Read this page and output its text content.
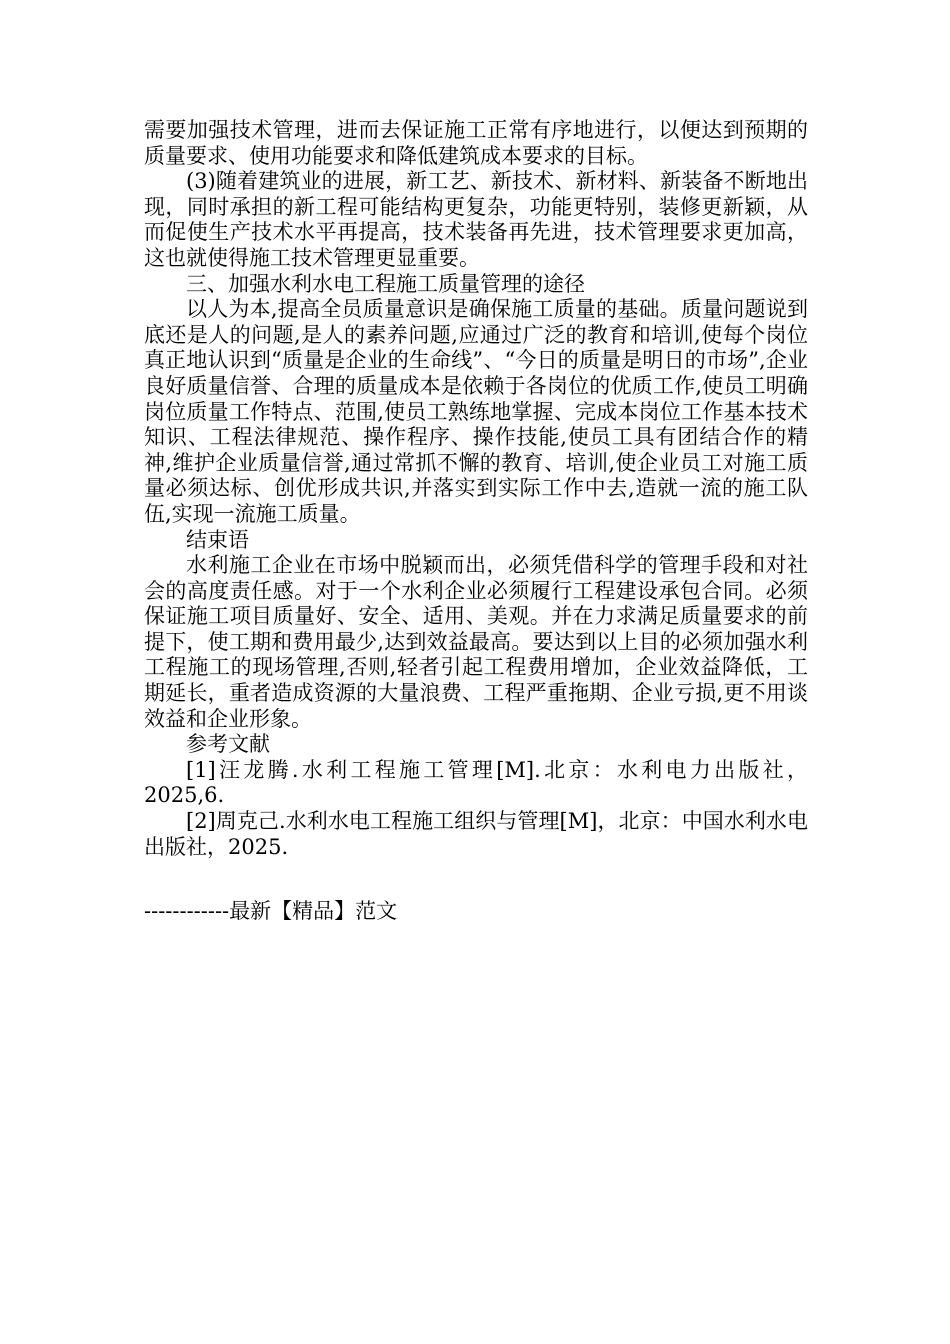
需要加强技术管理，进而去保证施工正常有序地进行，以便达到预期的质量要求、使用功能要求和降低建筑成本要求的目标。

(3)随着建筑业的进展，新工艺、新技术、新材料、新装备不断地出现，同时承担的新工程可能结构更复杂，功能更特别，装修更新颖，从而促使生产技术水平再提高，技术装备再先进，技术管理要求更加高，这也就使得施工技术管理更显重要。

三、加强水利水电工程施工质量管理的途径

以人为本,提高全员质量意识是确保施工质量的基础。质量问题说到底还是人的问题,是人的素养问题,应通过广泛的教育和培训,使每个岗位真正地认识到“质量是企业的生命线”、“今日的质量是明日的市场”,企业良好质量信誉、合理的质量成本是依赖于各岗位的优质工作,使员工明确岗位质量工作特点、范围,使员工熟练地掌握、完成本岗位工作基本技术知识、工程法律规范、操作程序、操作技能,使员工具有团结合作的精神,维护企业质量信誉,通过常抓不懈的教育、培训,使企业员工对施工质量必须达标、创优形成共识,并落实到实际工作中去,造就一流的施工队伍,实现一流施工质量。

结束语

水利施工企业在市场中脱颖而出，必须凭借科学的管理手段和对社会的高度责任感。对于一个水利企业必须履行工程建设承包合同。必须保证施工项目质量好、安全、适用、美观。并在力求满足质量要求的前提下，使工期和费用最少,达到效益最高。要达到以上目的必须加强水利工程施工的现场管理,否则,轻者引起工程费用增加，企业效益降低，工期延长，重者造成资源的大量浪费、工程严重拖期、企业亏损,更不用谈效益和企业形象。

参考文献

[1]汪龙腾.水利工程施工管理[M].北京：水利电力出版社，2025,6.

[2]周克己.水利水电工程施工组织与管理[M]，北京：中国水利水电出版社，2025.

------------最新【精品】范文
